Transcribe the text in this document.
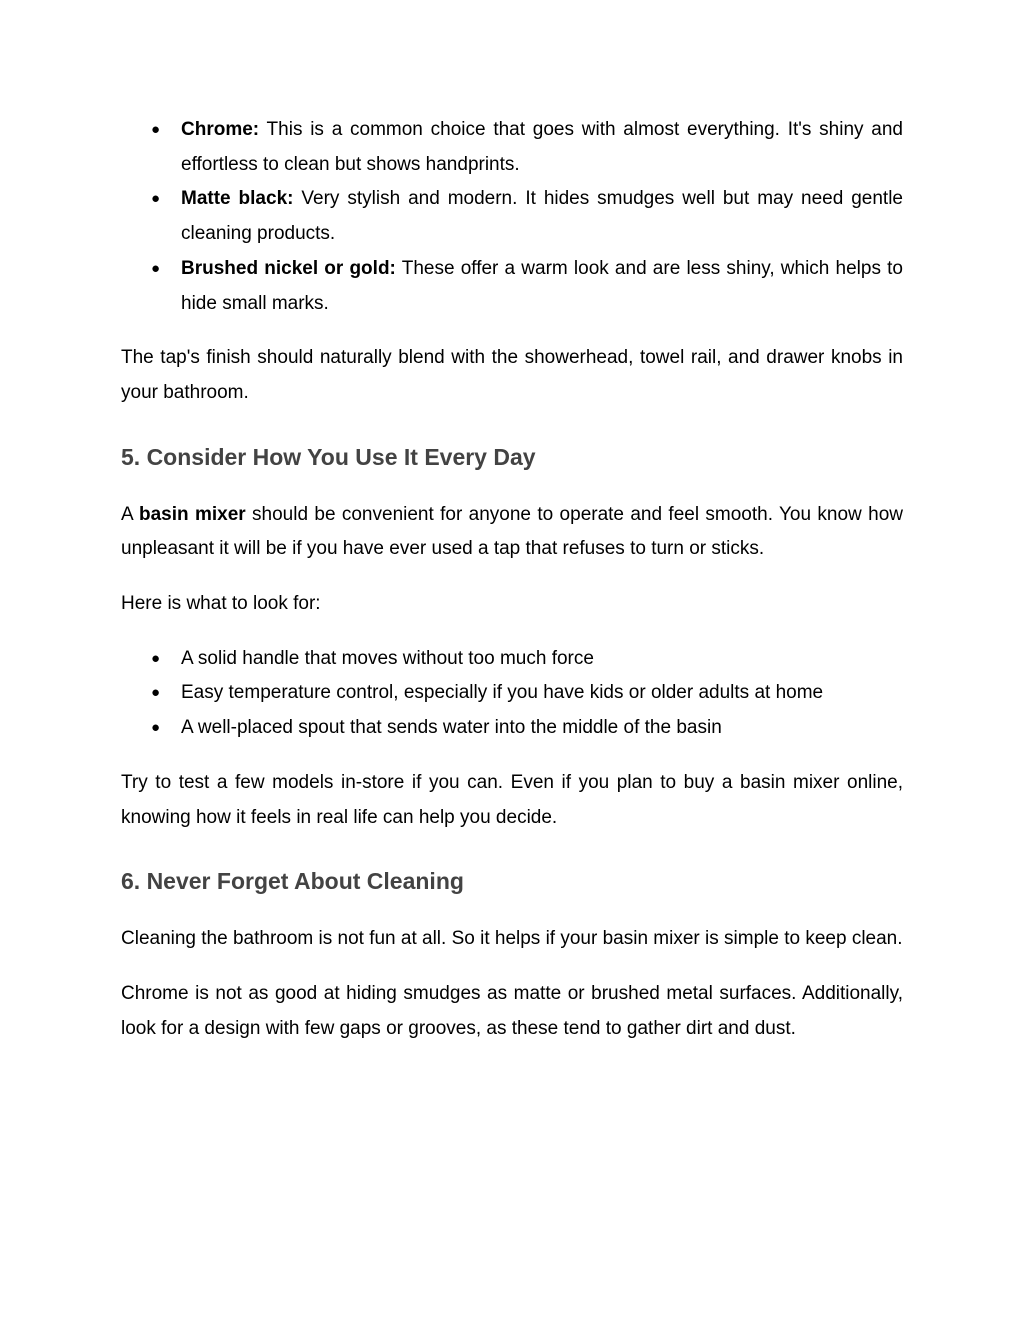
● Chrome: This is a common choice that goes with almost everything. It's shiny and effortless to clean but shows handprints.
● Matte black: Very stylish and modern. It hides smudges well but may need gentle cleaning products.
● Brushed nickel or gold: These offer a warm look and are less shiny, which helps to hide small marks.

The tap's finish should naturally blend with the showerhead, towel rail, and drawer knobs in your bathroom.

5. Consider How You Use It Every Day

A basin mixer should be convenient for anyone to operate and feel smooth. You know how unpleasant it will be if you have ever used a tap that refuses to turn or sticks.

Here is what to look for:

● A solid handle that moves without too much force
● Easy temperature control, especially if you have kids or older adults at home
● A well-placed spout that sends water into the middle of the basin

Try to test a few models in-store if you can. Even if you plan to buy a basin mixer online, knowing how it feels in real life can help you decide.

6. Never Forget About Cleaning

Cleaning the bathroom is not fun at all. So it helps if your basin mixer is simple to keep clean.

Chrome is not as good at hiding smudges as matte or brushed metal surfaces. Additionally, look for a design with few gaps or grooves, as these tend to gather dirt and dust.
